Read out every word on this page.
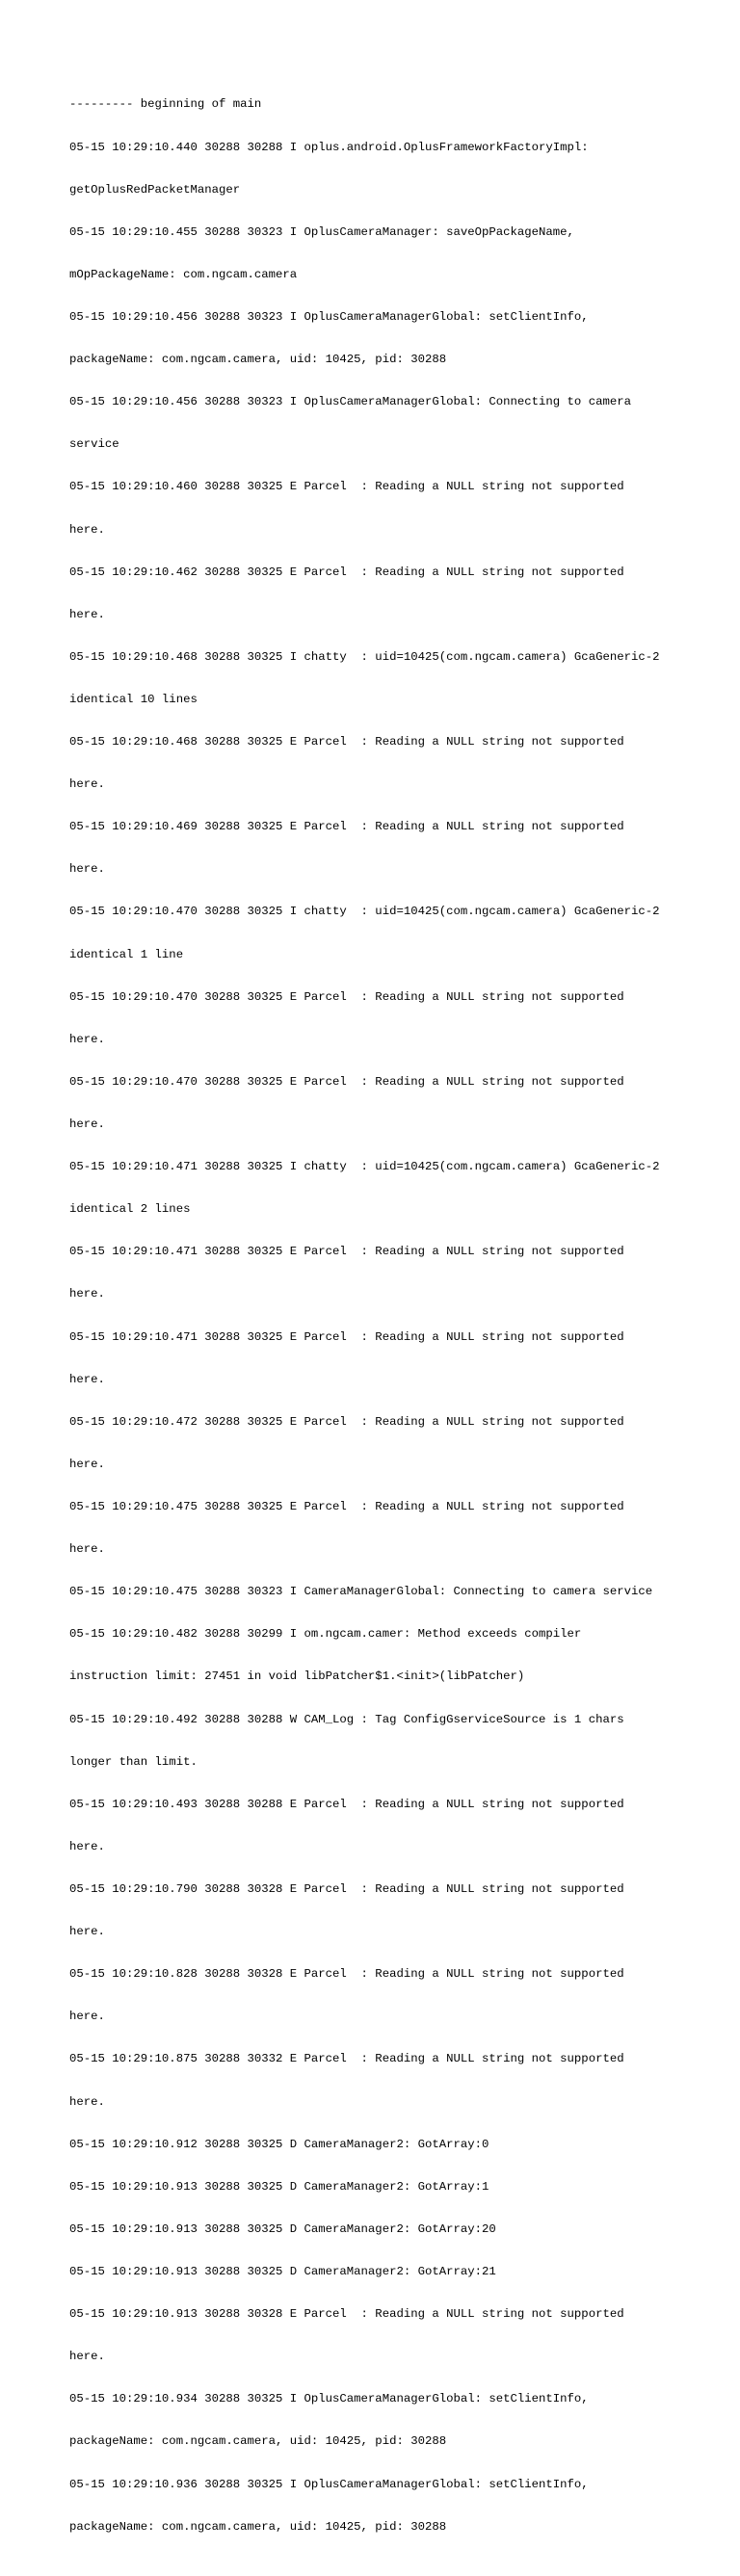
--------- beginning of main

05-15 10:29:10.440 30288 30288 I oplus.android.OplusFrameworkFactoryImpl:

getOplusRedPacketManager

05-15 10:29:10.455 30288 30323 I OplusCameraManager: saveOpPackageName,

mOpPackageName: com.ngcam.camera

05-15 10:29:10.456 30288 30323 I OplusCameraManagerGlobal: setClientInfo,

packageName: com.ngcam.camera, uid: 10425, pid: 30288

05-15 10:29:10.456 30288 30323 I OplusCameraManagerGlobal: Connecting to camera

service

05-15 10:29:10.460 30288 30325 E Parcel  : Reading a NULL string not supported

here.

05-15 10:29:10.462 30288 30325 E Parcel  : Reading a NULL string not supported

here.

05-15 10:29:10.468 30288 30325 I chatty  : uid=10425(com.ngcam.camera) GcaGeneric-2

identical 10 lines

05-15 10:29:10.468 30288 30325 E Parcel  : Reading a NULL string not supported

here.

05-15 10:29:10.469 30288 30325 E Parcel  : Reading a NULL string not supported

here.

05-15 10:29:10.470 30288 30325 I chatty  : uid=10425(com.ngcam.camera) GcaGeneric-2

identical 1 line

05-15 10:29:10.470 30288 30325 E Parcel  : Reading a NULL string not supported

here.

05-15 10:29:10.470 30288 30325 E Parcel  : Reading a NULL string not supported

here.

05-15 10:29:10.471 30288 30325 I chatty  : uid=10425(com.ngcam.camera) GcaGeneric-2

identical 2 lines

05-15 10:29:10.471 30288 30325 E Parcel  : Reading a NULL string not supported

here.

05-15 10:29:10.471 30288 30325 E Parcel  : Reading a NULL string not supported

here.

05-15 10:29:10.472 30288 30325 E Parcel  : Reading a NULL string not supported

here.

05-15 10:29:10.475 30288 30325 E Parcel  : Reading a NULL string not supported

here.

05-15 10:29:10.475 30288 30323 I CameraManagerGlobal: Connecting to camera service

05-15 10:29:10.482 30288 30299 I om.ngcam.camer: Method exceeds compiler

instruction limit: 27451 in void libPatcher$1.<init>(libPatcher)

05-15 10:29:10.492 30288 30288 W CAM_Log : Tag ConfigGserviceSource is 1 chars

longer than limit.

05-15 10:29:10.493 30288 30288 E Parcel  : Reading a NULL string not supported

here.

05-15 10:29:10.790 30288 30328 E Parcel  : Reading a NULL string not supported

here.

05-15 10:29:10.828 30288 30328 E Parcel  : Reading a NULL string not supported

here.

05-15 10:29:10.875 30288 30332 E Parcel  : Reading a NULL string not supported

here.

05-15 10:29:10.912 30288 30325 D CameraManager2: GotArray:0

05-15 10:29:10.913 30288 30325 D CameraManager2: GotArray:1

05-15 10:29:10.913 30288 30325 D CameraManager2: GotArray:20

05-15 10:29:10.913 30288 30325 D CameraManager2: GotArray:21

05-15 10:29:10.913 30288 30328 E Parcel  : Reading a NULL string not supported

here.

05-15 10:29:10.934 30288 30325 I OplusCameraManagerGlobal: setClientInfo,

packageName: com.ngcam.camera, uid: 10425, pid: 30288

05-15 10:29:10.936 30288 30325 I OplusCameraManagerGlobal: setClientInfo,

packageName: com.ngcam.camera, uid: 10425, pid: 30288
